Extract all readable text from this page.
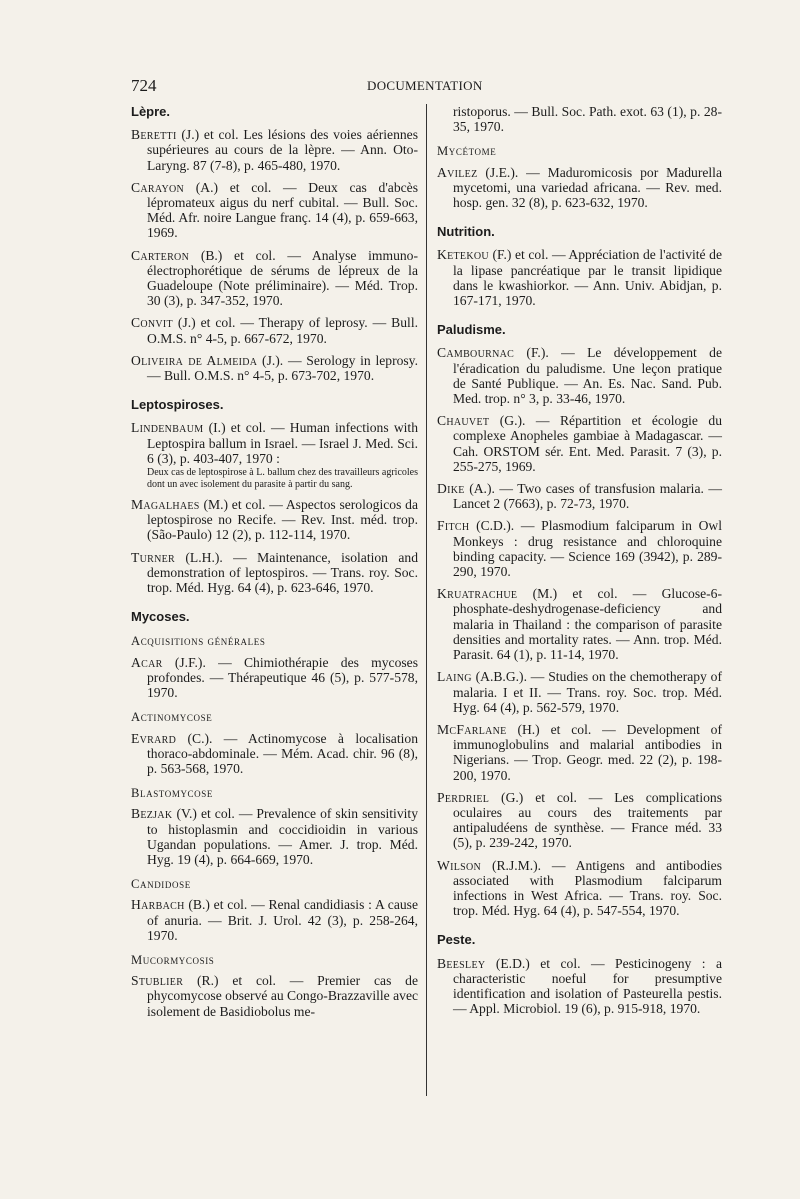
724	DOCUMENTATION
Lèpre.
Beretti (J.) et col. Les lésions des voies aériennes supérieures au cours de la lèpre. — Ann. Oto-Laryng. 87 (7-8), p. 465-480, 1970.
Carayon (A.) et col. — Deux cas d'abcès lépromateux aigus du nerf cubital. — Bull. Soc. Méd. Afr. noire Langue franç. 14 (4), p. 659-663, 1969.
Carteron (B.) et col. — Analyse immuno-électrophorétique de sérums de lépreux de la Guadeloupe (Note préliminaire). — Méd. Trop. 30 (3), p. 347-352, 1970.
Convit (J.) et col. — Therapy of leprosy. — Bull. O.M.S. n° 4-5, p. 667-672, 1970.
Oliveira de Almeida (J.). — Serology in leprosy. — Bull. O.M.S. n° 4-5, p. 673-702, 1970.
Leptospiroses.
Lindenbaum (I.) et col. — Human infections with Leptospira ballum in Israel. — Israel J. Med. Sci. 6 (3), p. 403-407, 1970 :
Deux cas de leptospirose à L. ballum chez des travailleurs agricoles dont un avec isolement du parasite à partir du sang.
Magalhaes (M.) et col. — Aspectos serologicos da leptospirose no Recife. — Rev. Inst. méd. trop. (São-Paulo) 12 (2), p. 112-114, 1970.
Turner (L.H.). — Maintenance, isolation and demonstration of leptospiros. — Trans. roy. Soc. trop. Méd. Hyg. 64 (4), p. 623-646, 1970.
Mycoses.
Acquisitions générales
Acar (J.F.). — Chimiothérapie des mycoses profondes. — Thérapeutique 46 (5), p. 577-578, 1970.
Actinomycose
Evrard (C.). — Actinomycose à localisation thoraco-abdominale. — Mém. Acad. chir. 96 (8), p. 563-568, 1970.
Blastomycose
Bezjak (V.) et col. — Prevalence of skin sensitivity to histoplasmin and coccidioidin in various Ugandan populations. — Amer. J. trop. Méd. Hyg. 19 (4), p. 664-669, 1970.
Candidose
Harbach (B.) et col. — Renal candidiasis : A cause of anuria. — Brit. J. Urol. 42 (3), p. 258-264, 1970.
Mucormycosis
Stublier (R.) et col. — Premier cas de phycomycose observé au Congo-Brazzaville avec isolement de Basidiobolus me-
ristoporus. — Bull. Soc. Path. exot. 63 (1), p. 28-35, 1970.
Mycétome
Avilez (J.E.). — Maduromicosis por Madurella mycetomi, una variedad africana. — Rev. med. hosp. gen. 32 (8), p. 623-632, 1970.
Nutrition.
Ketekou (F.) et col. — Appréciation de l'activité de la lipase pancréatique par le transit lipidique dans le kwashiorkor. — Ann. Univ. Abidjan, p. 167-171, 1970.
Paludisme.
Cambournac (F.). — Le développement de l'éradication du paludisme. Une leçon pratique de Santé Publique. — An. Es. Nac. Sand. Pub. Med. trop. n° 3, p. 33-46, 1970.
Chauvet (G.). — Répartition et écologie du complexe Anopheles gambiae à Madagascar. — Cah. ORSTOM sér. Ent. Med. Parasit. 7 (3), p. 255-275, 1969.
Dike (A.). — Two cases of transfusion malaria. — Lancet 2 (7663), p. 72-73, 1970.
Fitch (C.D.). — Plasmodium falciparum in Owl Monkeys : drug resistance and chloroquine binding capacity. — Science 169 (3942), p. 289-290, 1970.
Kruatrachue (M.) et col. — Glucose-6-phosphate-deshydrogenase-deficiency and malaria in Thailand : the comparison of parasite densities and mortality rates. — Ann. trop. Méd. Parasit. 64 (1), p. 11-14, 1970.
Laing (A.B.G.). — Studies on the chemotherapy of malaria. I et II. — Trans. roy. Soc. trop. Méd. Hyg. 64 (4), p. 562-579, 1970.
McFarlane (H.) et col. — Development of immunoglobulins and malarial antibodies in Nigerians. — Trop. Geogr. med. 22 (2), p. 198-200, 1970.
Perdriel (G.) et col. — Les complications oculaires au cours des traitements par antipaludéens de synthèse. — France méd. 33 (5), p. 239-242, 1970.
Wilson (R.J.M.). — Antigens and antibodies associated with Plasmodium falciparum infections in West Africa. — Trans. roy. Soc. trop. Méd. Hyg. 64 (4), p. 547-554, 1970.
Peste.
Beesley (E.D.) et col. — Pesticinogeny : a characteristic noeful for presumptive identification and isolation of Pasteurella pestis. — Appl. Microbiol. 19 (6), p. 915-918, 1970.
